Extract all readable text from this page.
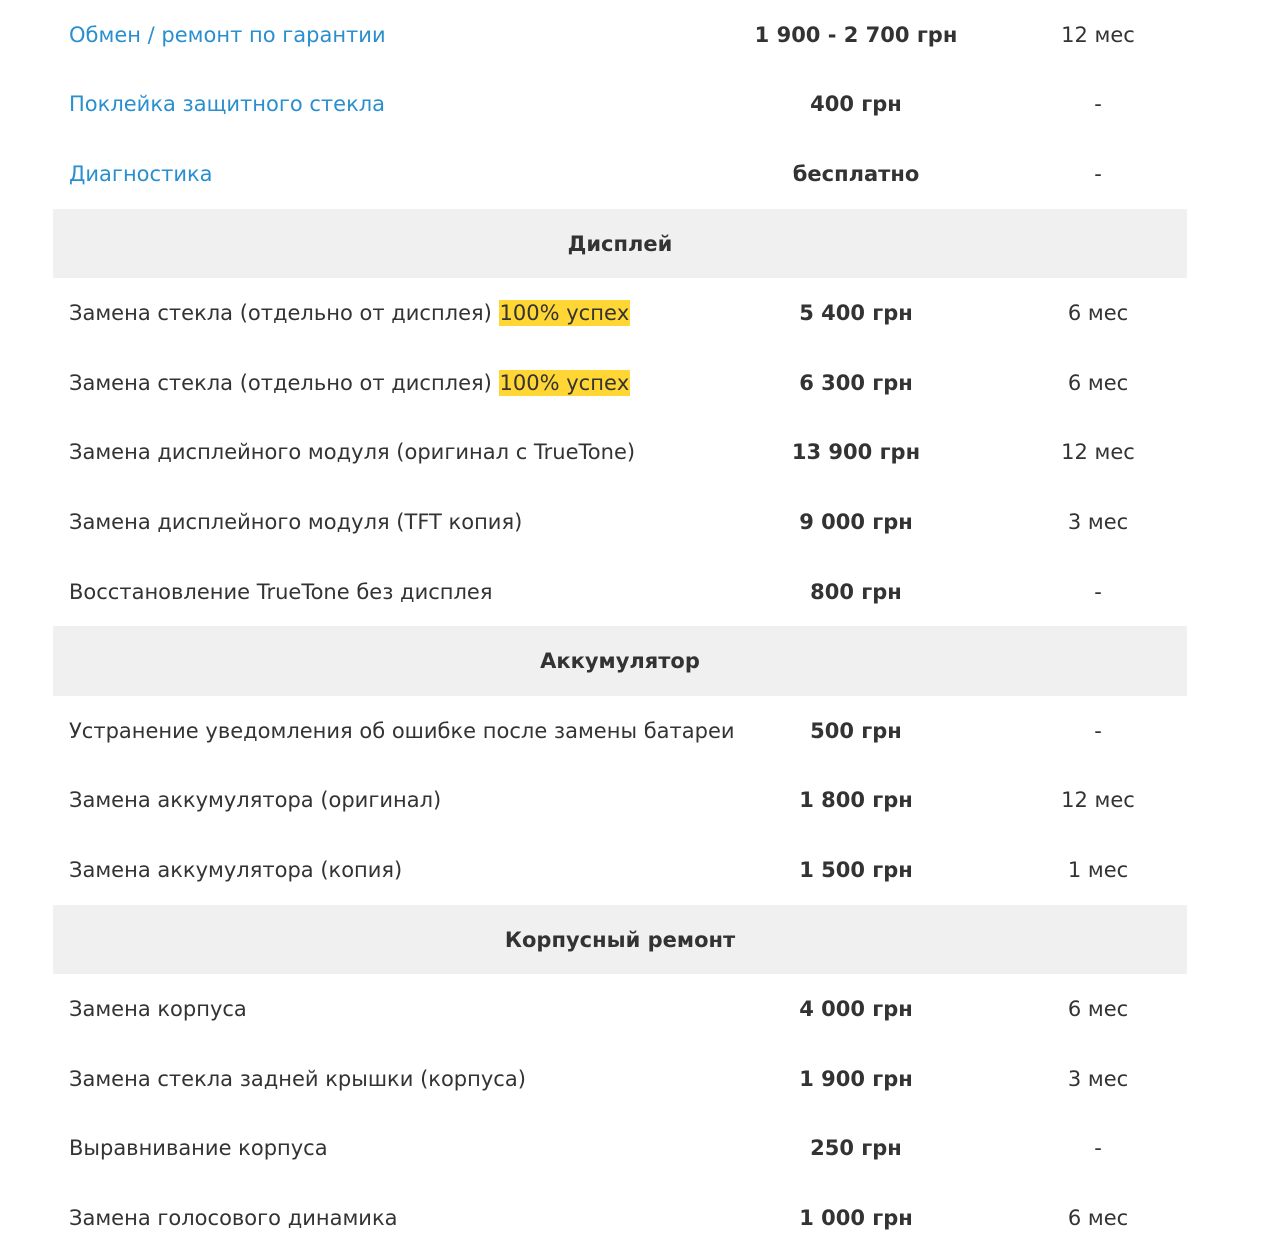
Обмен / ремонт по гарантии	1 900 - 2 700 грн	12 мес
Поклейка защитного стекла	400 грн	-
Диагностика	бесплатно	-
Дисплей
Замена стекла (отдельно от дисплея) 100% успех	5 400 грн	6 мес
Замена стекла (отдельно от дисплея) 100% успех	6 300 грн	6 мес
Замена дисплейного модуля (оригинал с TrueTone)	13 900 грн	12 мес
Замена дисплейного модуля (TFT копия)	9 000 грн	3 мес
Восстановление TrueTone без дисплея	800 грн	-
Аккумулятор
Устранение уведомления об ошибке после замены батареи	500 грн	-
Замена аккумулятора (оригинал)	1 800 грн	12 мес
Замена аккумулятора (копия)	1 500 грн	1 мес
Корпусный ремонт
Замена корпуса	4 000 грн	6 мес
Замена стекла задней крышки (корпуса)	1 900 грн	3 мес
Выравнивание корпуса	250 грн	-
Замена голосового динамика	1 000 грн	6 мес
